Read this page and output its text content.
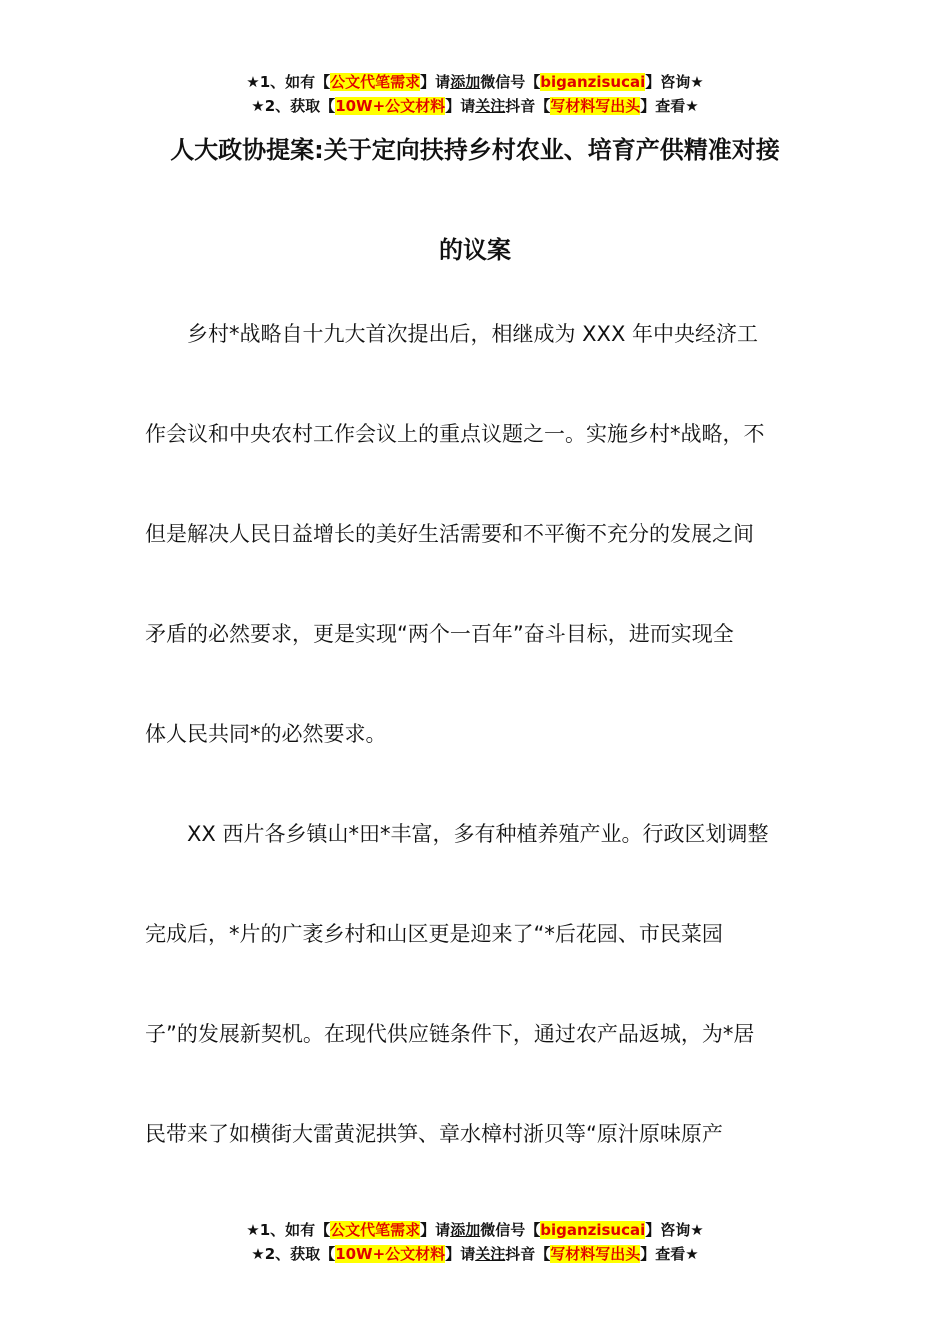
★1、如有【公文代笔需求】请添加微信号【biganzisucai】咨询★
★2、获取【10W+公文材料】请关注抖音【写材料写出头】查看★
人大政协提案:关于定向扶持乡村农业、培育产供精准对接
的议案
　　乡村*战略自十九大首次提出后，相继成为 XXX 年中央经济工
作会议和中央农村工作会议上的重点议题之一。实施乡村*战略，不
但是解决人民日益增长的美好生活需要和不平衡不充分的发展之间
矛盾的必然要求，更是实现“两个一百年”奋斗目标，进而实现全
体人民共同*的必然要求。
　　XX 西片各乡镇山*田*丰富，多有种植养殖产业。行政区划调整
完成后，*片的广袤乡村和山区更是迎来了“*后花园、市民菜园
子”的发展新契机。在现代供应链条件下，通过农产品返城，为*居
民带来了如横街大雷黄泥拱笋、章水樟村浙贝等“原汁原味原产
★1、如有【公文代笔需求】请添加微信号【biganzisucai】咨询★
★2、获取【10W+公文材料】请关注抖音【写材料写出头】查看★
